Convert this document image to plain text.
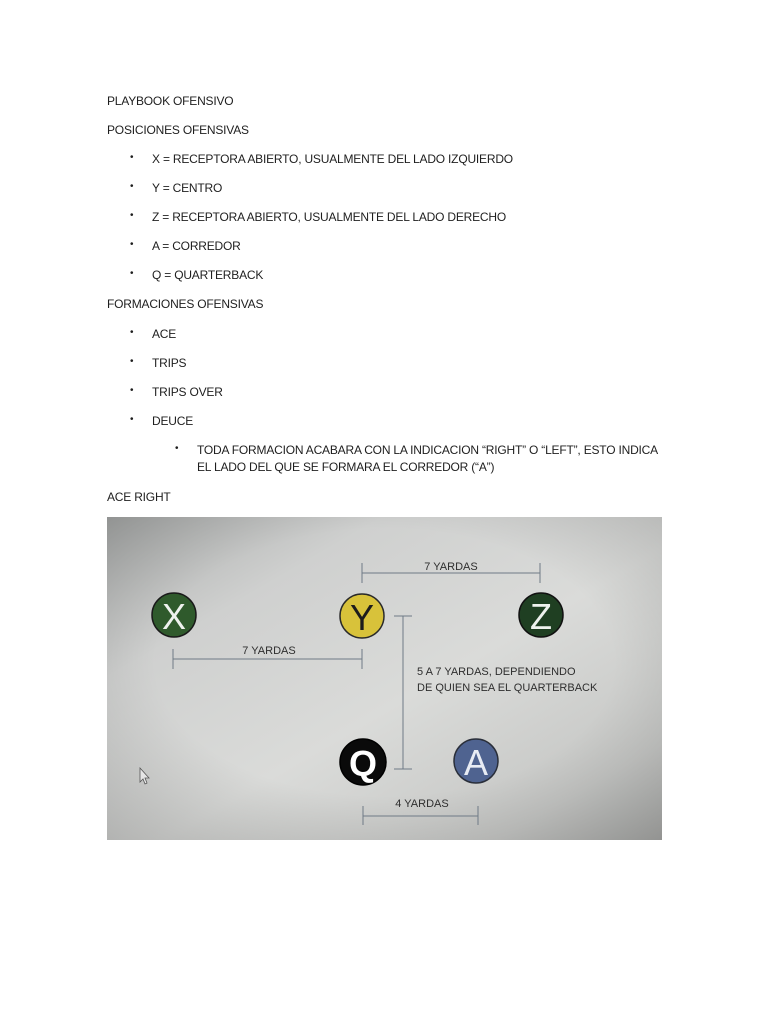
PLAYBOOK OFENSIVO
POSICIONES OFENSIVAS
• X = RECEPTORA ABIERTO, USUALMENTE DEL LADO IZQUIERDO
• Y = CENTRO
• Z = RECEPTORA ABIERTO, USUALMENTE DEL LADO DERECHO
• A = CORREDOR
• Q = QUARTERBACK
FORMACIONES OFENSIVAS
• ACE
• TRIPS
• TRIPS OVER
• DEUCE
• TODA FORMACION ACABARA CON LA INDICACION “RIGHT” O “LEFT”, ESTO INDICA
EL LADO DEL QUE SE FORMARA EL CORREDOR (“A”)
ACE RIGHT
7 YARDAS
7 YARDAS
5 A 7 YARDAS, DEPENDIENDO
DE QUIEN SEA EL QUARTERBACK
4 YARDAS
X	Y	Z
Q A
